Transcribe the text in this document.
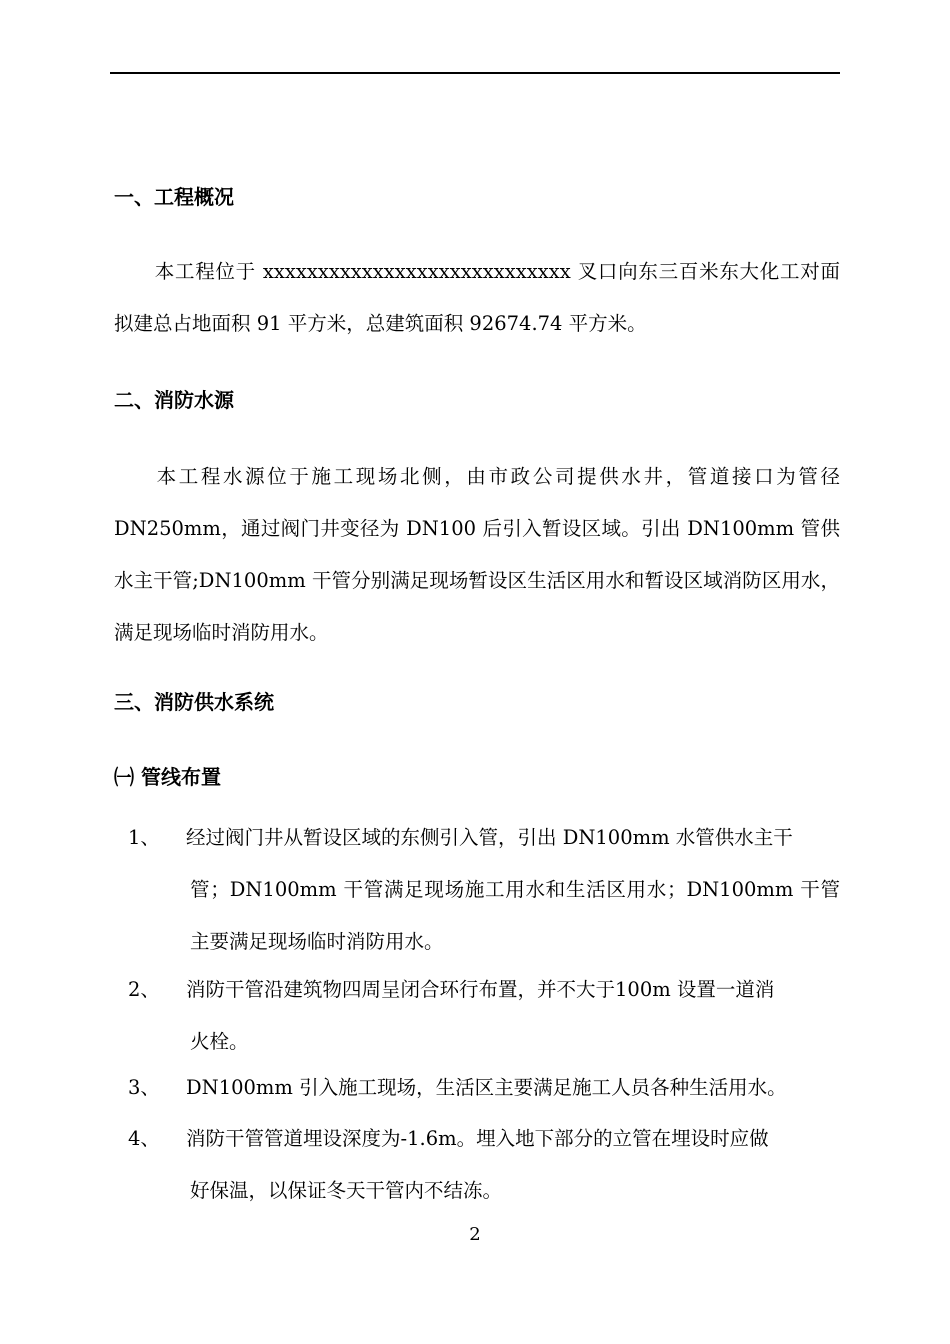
一、工程概况
本工程位于 xxxxxxxxxxxxxxxxxxxxxxxxxxxx 叉口向东三百米东大化工对面拟建总占地面积 91 平方米，总建筑面积 92674.74 平方米。
二、消防水源
本工程水源位于施工现场北侧，由市政公司提供水井，管道接口为管径 DN250mm，通过阀门井变径为 DN100 后引入暂设区域。引出 DN100mm 管供水主干管;DN100mm 干管分别满足现场暂设区生活区用水和暂设区域消防区用水，满足现场临时消防用水。
三、消防供水系统
㈠ 管线布置
1、 经过阀门井从暂设区域的东侧引入管，引出 DN100mm 水管供水主干
管；DN100mm 干管满足现场施工用水和生活区用水；DN100mm 干管主要满足现场临时消防用水。
2、 消防干管沿建筑物四周呈闭合环行布置，并不大于100m 设置一道消
火栓。
3、 DN100mm 引入施工现场，生活区主要满足施工人员各种生活用水。
4、 消防干管管道埋设深度为-1.6m。埋入地下部分的立管在埋设时应做
好保温，以保证冬天干管内不结冻。
2
